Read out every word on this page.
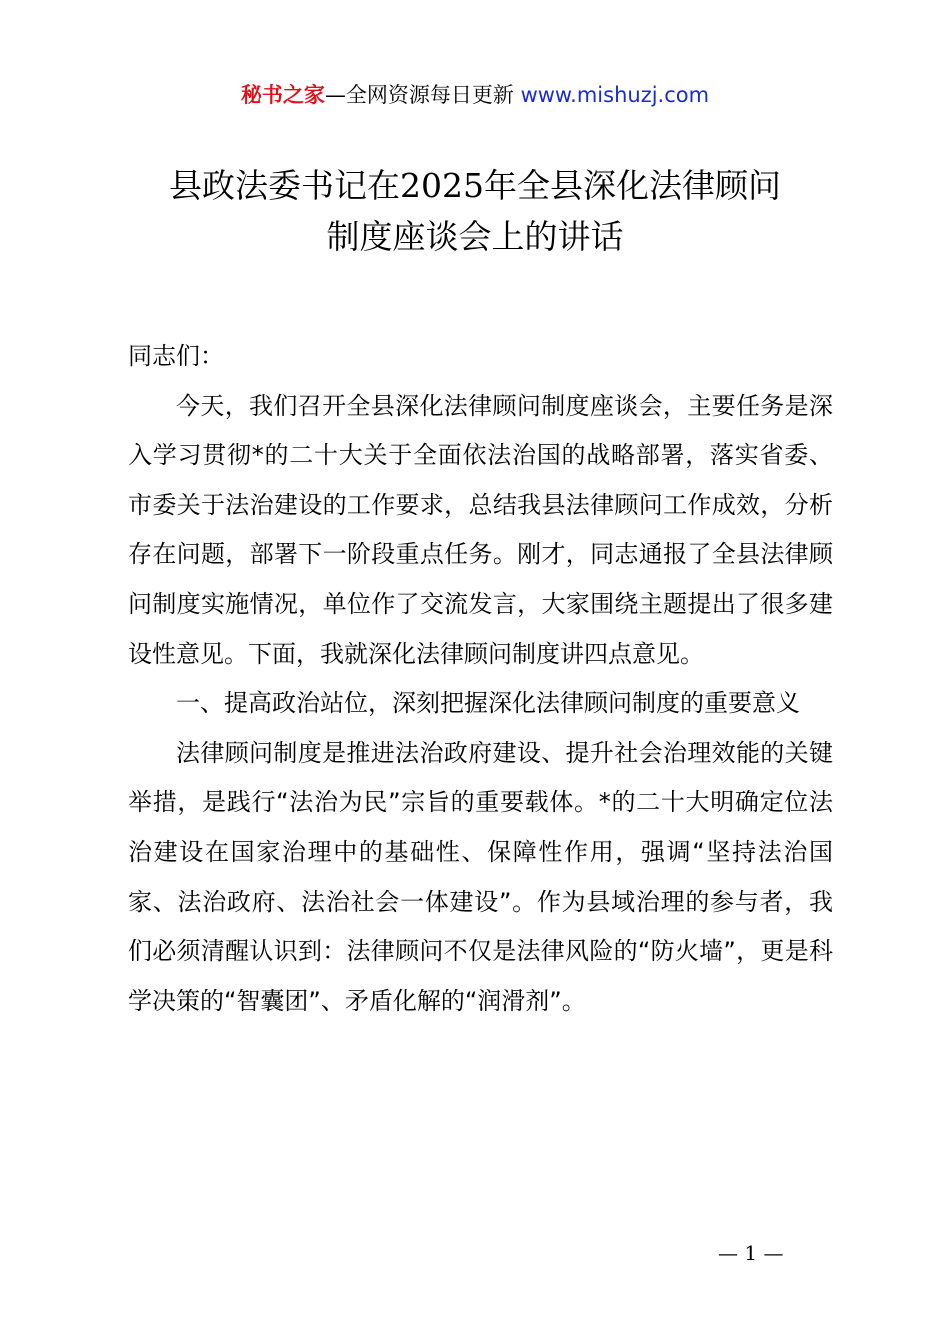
秘书之家—全网资源每日更新 www.mishuzj.com
县政法委书记在2025年全县深化法律顾问
制度座谈会上的讲话

同志们：

今天，我们召开全县深化法律顾问制度座谈会，主要任务是深入学习贯彻*的二十大关于全面依法治国的战略部署，落实省委、市委关于法治建设的工作要求，总结我县法律顾问工作成效，分析存在问题，部署下一阶段重点任务。刚才，同志通报了全县法律顾问制度实施情况，单位作了交流发言，大家围绕主题提出了很多建设性意见。下面，我就深化法律顾问制度讲四点意见。

一、提高政治站位，深刻把握深化法律顾问制度的重要意义

法律顾问制度是推进法治政府建设、提升社会治理效能的关键举措，是践行“法治为民”宗旨的重要载体。*的二十大明确定位法治建设在国家治理中的基础性、保障性作用，强调“坚持法治国家、法治政府、法治社会一体建设”。作为县域治理的参与者，我们必须清醒认识到：法律顾问不仅是法律风险的“防火墙”，更是科学决策的“智囊团”、矛盾化解的“润滑剂”。

— 1 —
